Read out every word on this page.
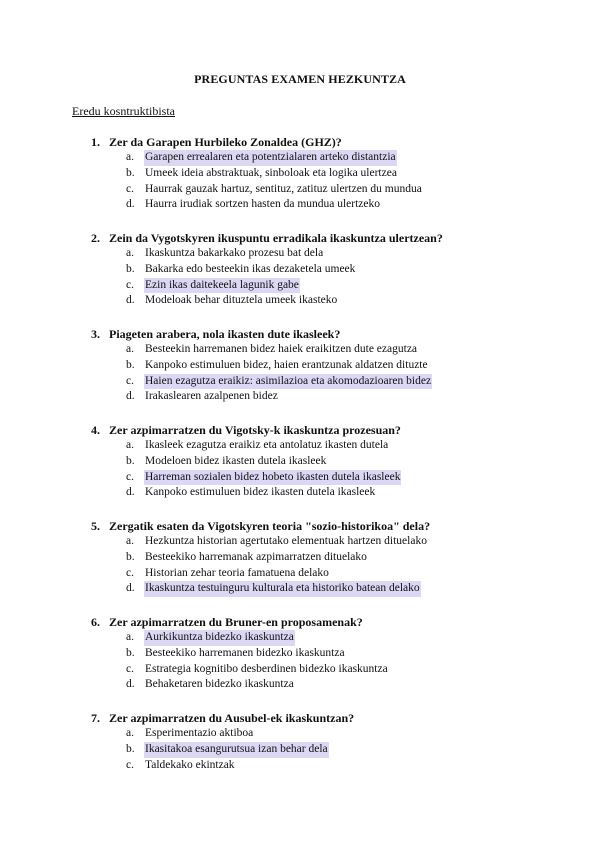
PREGUNTAS EXAMEN HEZKUNTZA
Eredu kosntruktibista
1. Zer da Garapen Hurbileko Zonaldea (GHZ)?
a. Garapen errealaren eta potentzialaren arteko distantzia
b. Umeek ideia abstraktuak, sinboloak eta logika ulertzea
c. Haurrak gauzak hartuz, sentituz, zatituz ulertzen du mundua
d. Haurra irudiak sortzen hasten da mundua ulertzeko
2. Zein da Vygotskyren ikuspuntu erradikala ikaskuntza ulertzean?
a. Ikaskuntza bakarkako prozesu bat dela
b. Bakarka edo besteekin ikas dezaketela umeek
c. Ezin ikas daitekeela lagunik gabe
d. Modeloak behar dituztela umeek ikasteko
3. Piageten arabera, nola ikasten dute ikasleek?
a. Besteekin harremanen bidez haiek eraikitzen dute ezagutza
b. Kanpoko estimuluen bidez, haien erantzunak aldatzen dituzte
c. Haien ezagutza eraikiz: asimilazioa eta akomodazioaren bidez
d. Irakaslearen azalpenen bidez
4. Zer azpimarratzen du Vigotsky-k ikaskuntza prozesuan?
a. Ikasleek ezagutza eraikiz eta antolatuz ikasten dutela
b. Modeloen bidez ikasten dutela ikasleek
c. Harreman sozialen bidez hobeto ikasten dutela ikasleek
d. Kanpoko estimuluen bidez ikasten dutela ikasleek
5. Zergatik esaten da Vigotskyren teoria "sozio-historikoa" dela?
a. Hezkuntza historian agertutako elementuak hartzen dituelako
b. Besteekiko harremanak azpimarratzen dituelako
c. Historian zehar teoria famatuena delako
d. Ikaskuntza testuinguru kulturala eta historiko batean delako
6. Zer azpimarratzen du Bruner-en proposamenak?
a. Aurkikuntza bidezko ikaskuntza
b. Besteekiko harremanen bidezko ikaskuntza
c. Estrategia kognitibo desberdinen bidezko ikaskuntza
d. Behaketaren bidezko ikaskuntza
7. Zer azpimarratzen du Ausubel-ek ikaskuntzan?
a. Esperimentazio aktiboa
b. Ikasitakoa esangurutsua izan behar dela
c. Taldekako ekintzak
